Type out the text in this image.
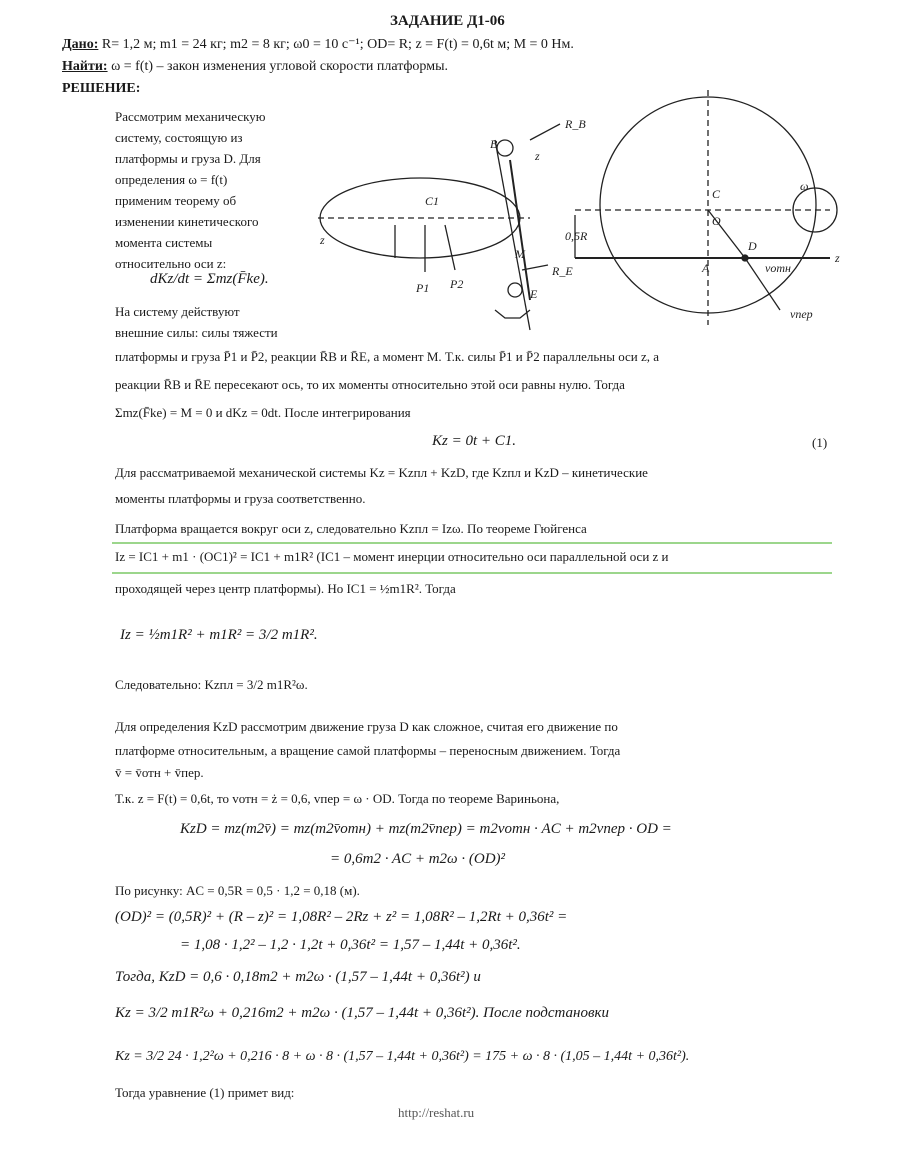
ЗАДАНИЕ Д1-06
Дано: R= 1,2 м; m1 = 24 кг; m2 = 8 кг; ω0 = 10 с⁻¹; OD= R; z = F(t) = 0,6t м; M = 0 Нм.
Найти: ω = f(t) – закон изменения угловой скорости платформы.
РЕШЕНИЕ:
Рассмотрим механическую
систему, состоящую из
платформы и груза D. Для
определения ω = f(t)
применим теорему об
изменении кинетического
момента системы
относительно оси z:
dKz/dt = Σmz(F̄ke).
На систему действуют
внешние силы: силы тяжести
платформы и груза P̄1 и P̄2, реакции R̄B и R̄E, а момент M. Т.к. силы P̄1 и P̄2 параллельны оси z, а
реакции R̄B и R̄E пересекают ось, то их моменты относительно этой оси равны нулю. Тогда
Σmz(F̄ke) = M = 0 и dKz = 0dt. После интегрирования
Kz = 0t + C1.	(1)
Для рассматриваемой механической системы Kz = Kzпл + KzD, где Kzпл и KzD – кинетические
моменты платформы и груза соответственно.
Платформа вращается вокруг оси z, следовательно Kzпл = Izω. По теореме Гюйгенса
Iz = IC1 + m1 · (OC1)² = IC1 + m1R² (IC1 – момент инерции относительно оси параллельной оси z и
проходящей через центр платформы). Но IC1 = ½m1R². Тогда
Iz = ½m1R² + m1R² = 3/2 m1R².
Следовательно: Kzпл = 3/2 m1R²ω.
Для определения KzD рассмотрим движение груза D как сложное, считая его движение по
платформе относительным, а вращение самой платформы – переносным движением. Тогда
v̄ = v̄отн + v̄пер.
Т.к. z = F(t) = 0,6t, то vотн = ż = 0,6, vпер = ω · OD. Тогда по теореме Вариньона,
KzD = mz(m2v̄) = mz(m2v̄отн) + mz(m2v̄пер) = m2vотн · AC + m2vпер · OD =
= 0,6m2 · AC + m2ω · (OD)²
По рисунку: AC = 0,5R = 0,5 · 1,2 = 0,18 (м).
(OD)² = (0,5R)² + (R – z)² = 1,08R² – 2Rz + z² = 1,08R² – 1,2Rt + 0,36t² =
= 1,08 · 1,2² – 1,2 · 1,2t + 0,36t² = 1,57 – 1,44t + 0,36t².
Тогда, KzD = 0,6 · 0,18m2 + m2ω · (1,57 – 1,44t + 0,36t²) и
Kz = 3/2 m1R²ω + 0,216m2 + m2ω · (1,57 – 1,44t + 0,36t²). После подстановки
Kz = 3/2 24 · 1,2²ω + 0,216 · 8 + ω · 8 · (1,57 – 1,44t + 0,36t²) = 175 + ω · 8 · (1,05 – 1,44t + 0,36t²).
Тогда уравнение (1) примет вид:
http://reshat.ru
R_B
B
E
C1
z
z
M
P1 P2
R_E
C
O
A
D
z
0,5R
vпер
vотн
ω
